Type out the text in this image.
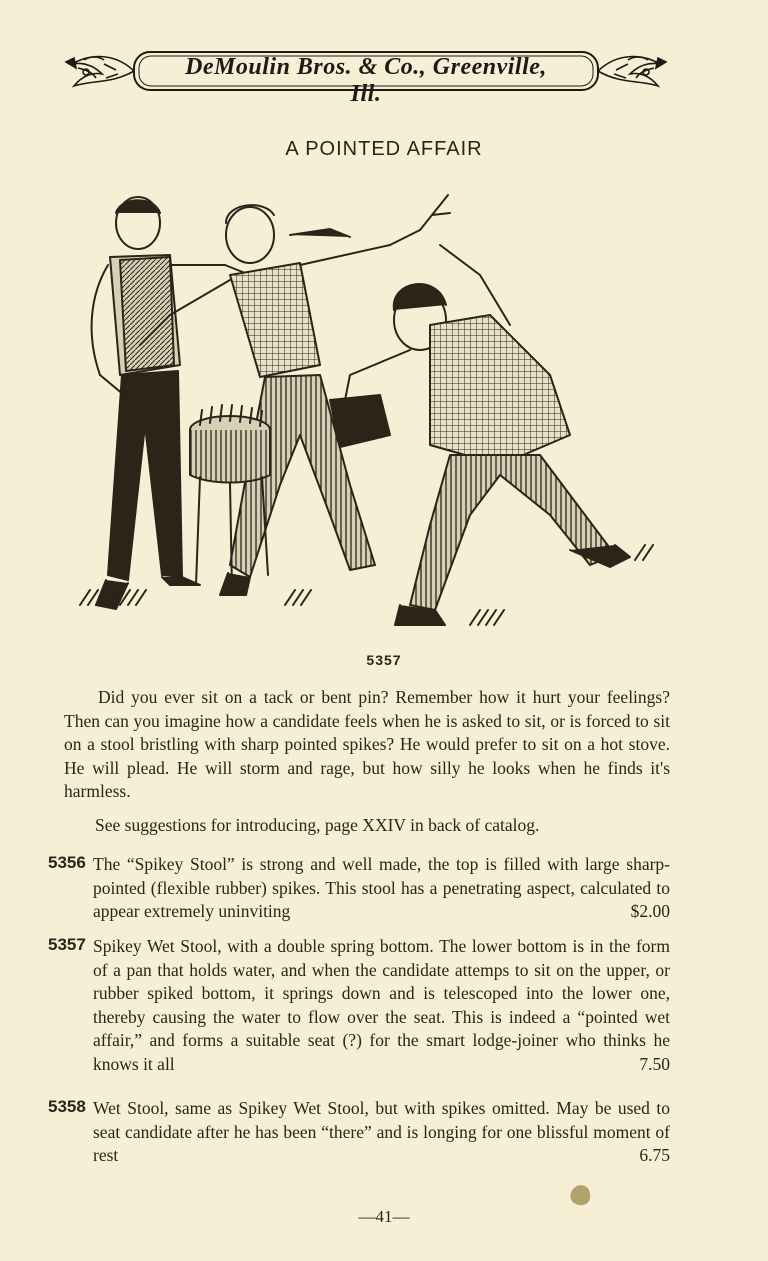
DeMoulin Bros. & Co., Greenville, Ill.
A POINTED AFFAIR
5357

Did you ever sit on a tack or bent pin? Remember how it hurt your feelings? Then can you imagine how a candidate feels when he is asked to sit, or is forced to sit on a stool bristling with sharp pointed spikes? He would prefer to sit on a hot stove. He will plead. He will storm and rage, but how silly he looks when he finds it's harmless.

See suggestions for introducing, page XXIV in back of catalog.

5356 The “Spikey Stool” is strong and well made, the top is filled with large sharp-pointed (flexible rubber) spikes. This stool has a penetrating aspect, calculated to appear extremely uninviting	$2.00

5357 Spikey Wet Stool, with a double spring bottom. The lower bottom is in the form of a pan that holds water, and when the candidate attemps to sit on the upper, or rubber spiked bottom, it springs down and is telescoped into the lower one, thereby causing the water to flow over the seat. This is indeed a “pointed wet affair,” and forms a suitable seat (?) for the smart lodge-joiner who thinks he knows it all	7.50

5358 Wet Stool, same as Spikey Wet Stool, but with spikes omitted. May be used to seat candidate after he has been “there” and is longing for one blissful moment of rest	6.75

—41—
